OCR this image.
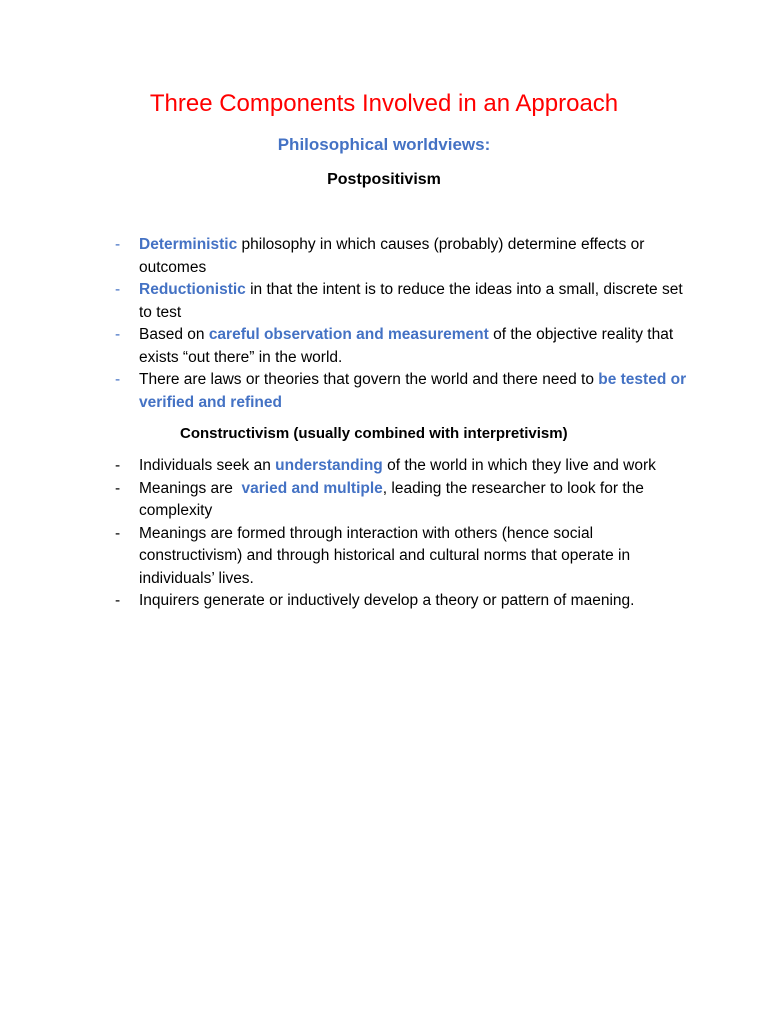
Three Components Involved in an Approach
Philosophical worldviews:
Postpositivism
- Deterministic philosophy in which causes (probably) determine effects or outcomes
- Reductionistic in that the intent is to reduce the ideas into a small, discrete set to test
- Based on careful observation and measurement of the objective reality that exists “out there” in the world.
- There are laws or theories that govern the world and there need to be tested or verified and refined
Constructivism (usually combined with interpretivism)
- Individuals seek an understanding of the world in which they live and work
- Meanings are  varied and multiple, leading the researcher to look for the complexity
- Meanings are formed through interaction with others (hence social constructivism) and through historical and cultural norms that operate in individuals’ lives.
- Inquirers generate or inductively develop a theory or pattern of maening.
